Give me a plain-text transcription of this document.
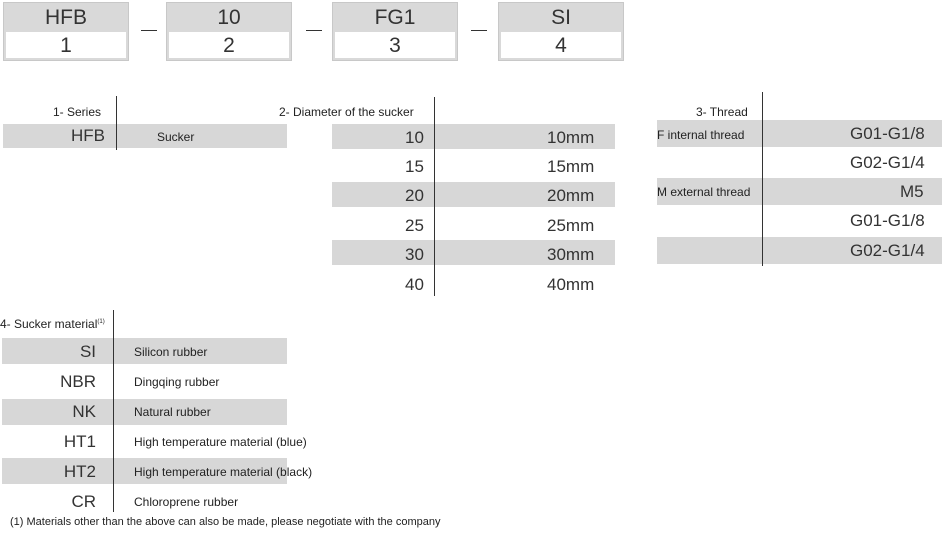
HFB
1
10
2
FG1
3
SI
4
1- Series
HFB	Sucker
2- Diameter of the sucker
10	10mm
15	15mm
20	20mm
25	25mm
30	30mm
40	40mm
3- Thread
F internal thread	G01-G1/8
G02-G1/4
M external thread	M5
G01-G1/8
G02-G1/4
4- Sucker material$^{(1)}$
SI	Silicon rubber
NBR	Dingqing rubber
NK	Natural rubber
HT1	High temperature material (blue)
HT2	High temperature material (black)
CR	Chloroprene rubber
(1) Materials other than the above can also be made, please negotiate with the company
